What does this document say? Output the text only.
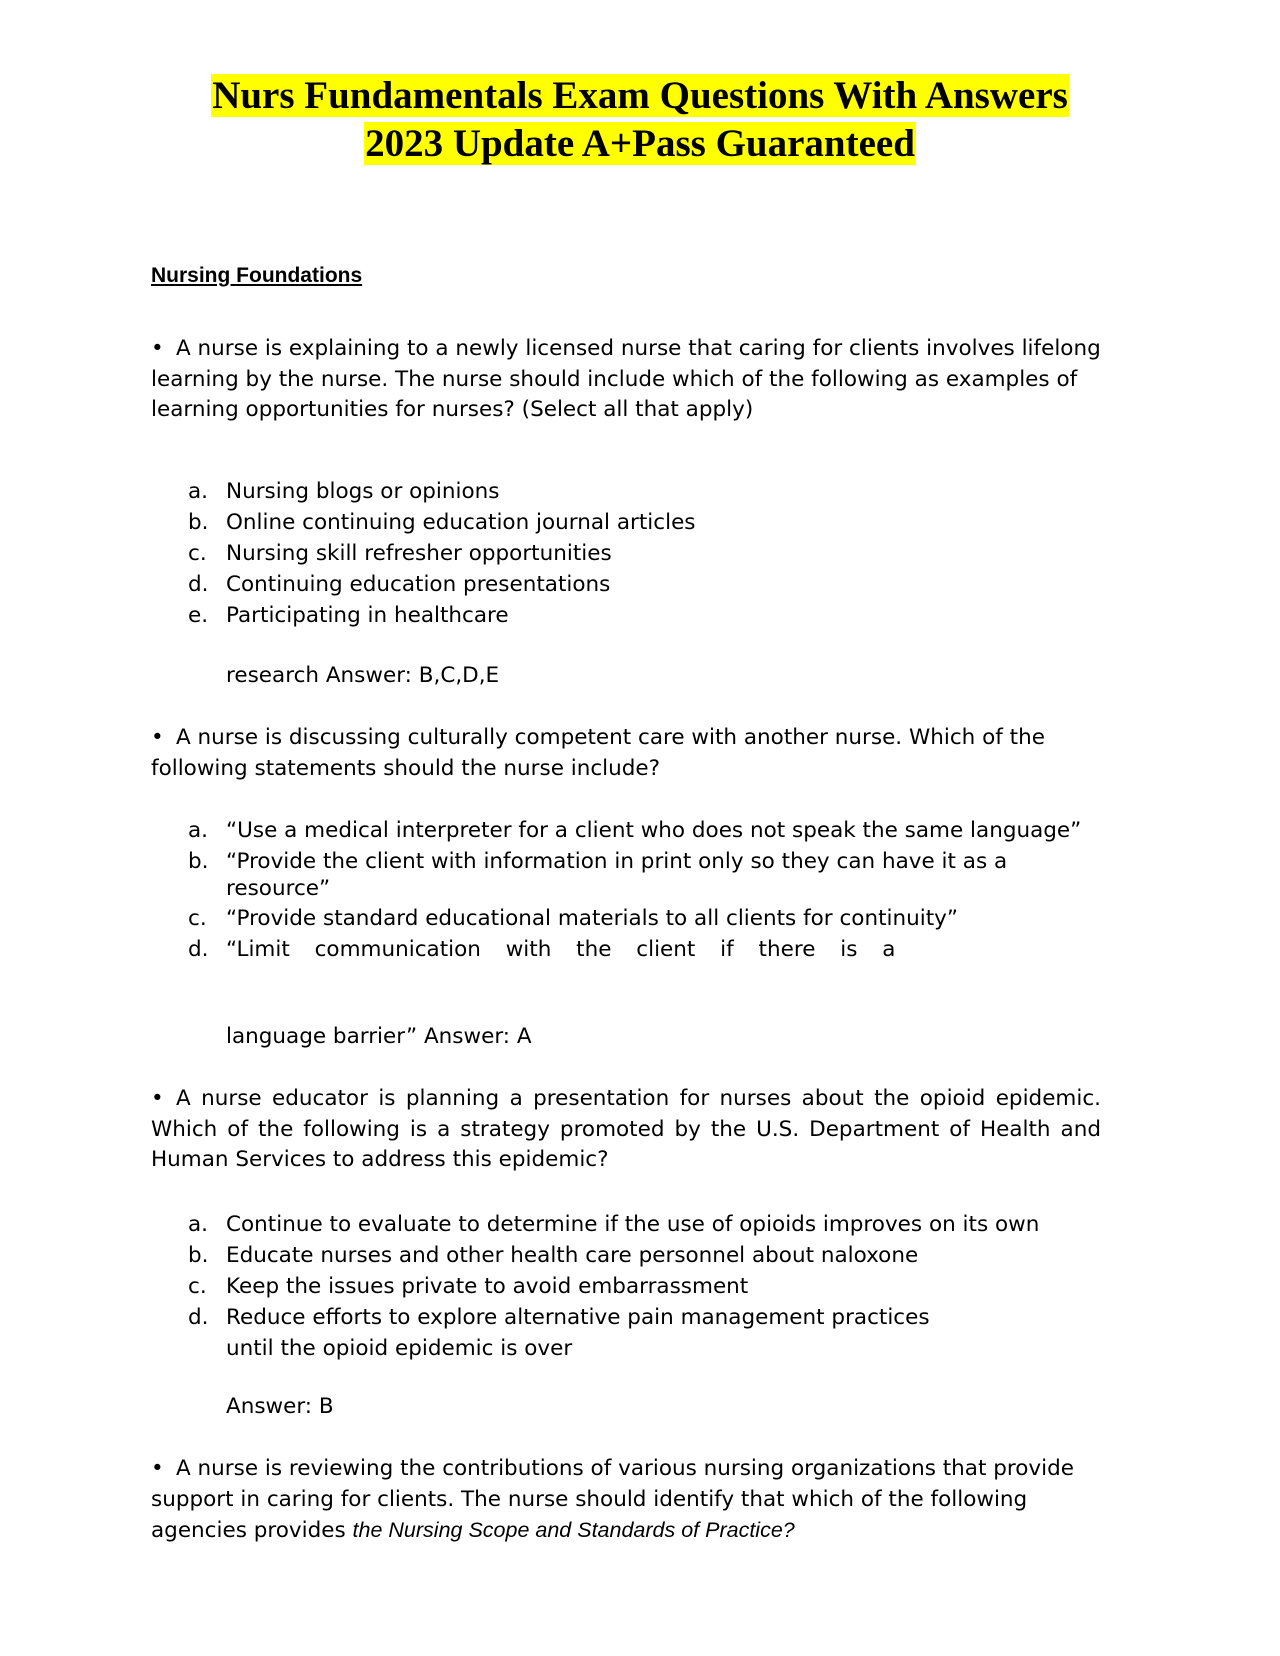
Nurs Fundamentals Exam Questions With Answers
2023 Update A+Pass Guaranteed
Nursing Foundations
• A nurse is explaining to a newly licensed nurse that caring for clients involves lifelong learning by the nurse. The nurse should include which of the following as examples of learning opportunities for nurses? (Select all that apply)
a. Nursing blogs or opinions
b. Online continuing education journal articles
c. Nursing skill refresher opportunities
d. Continuing education presentations
e. Participating in healthcare
research Answer: B,C,D,E
• A nurse is discussing culturally competent care with another nurse. Which of the following statements should the nurse include?
a. “Use a medical interpreter for a client who does not speak the same language”
b. “Provide the client with information in print only so they can have it as a resource”
c. “Provide standard educational materials to all clients for continuity”
d. “Limit communication with the client if there is a
language barrier” Answer: A
• A nurse educator is planning a presentation for nurses about the opioid epidemic. Which of the following is a strategy promoted by the U.S. Department of Health and Human Services to address this epidemic?
a. Continue to evaluate to determine if the use of opioids improves on its own
b. Educate nurses and other health care personnel about naloxone
c. Keep the issues private to avoid embarrassment
d. Reduce efforts to explore alternative pain management practices until the opioid epidemic is over
Answer: B
• A nurse is reviewing the contributions of various nursing organizations that provide support in caring for clients. The nurse should identify that which of the following agencies provides the Nursing Scope and Standards of Practice?
